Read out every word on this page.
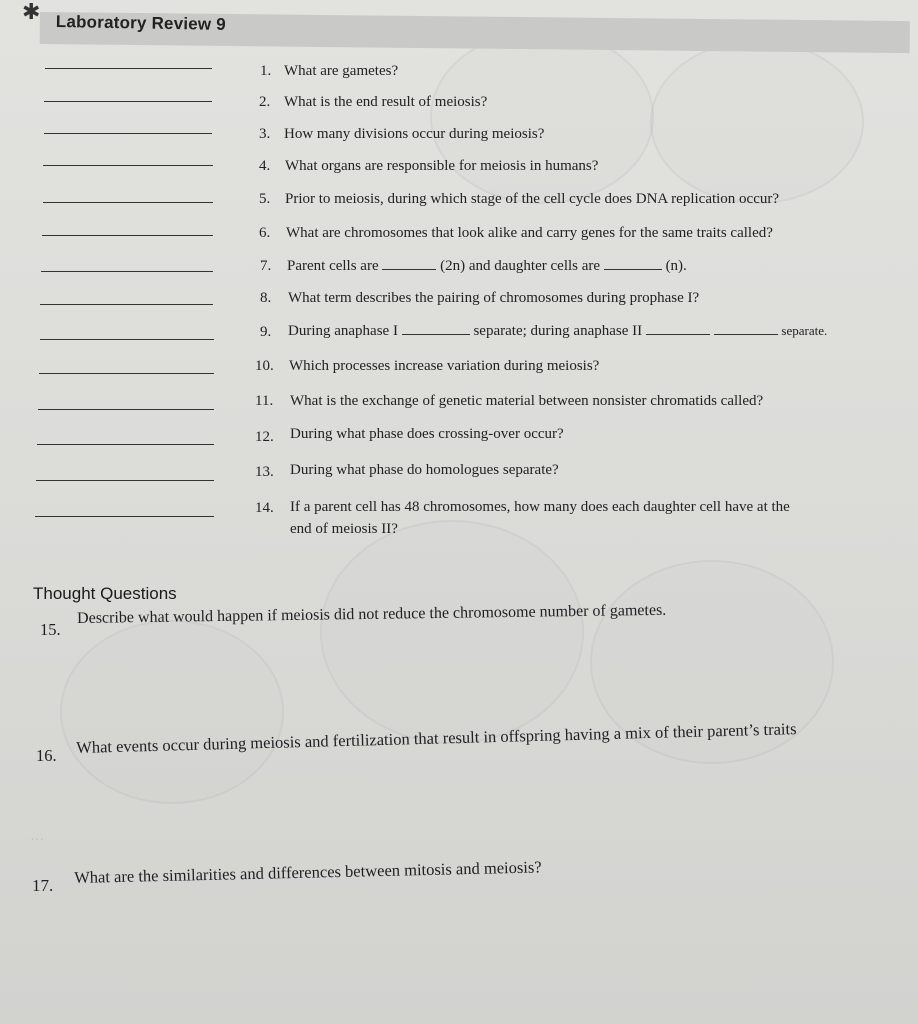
✱ Laboratory Review 9
1. What are gametes?
2. What is the end result of meiosis?
3. How many divisions occur during meiosis?
4. What organs are responsible for meiosis in humans?
5. Prior to meiosis, during which stage of the cell cycle does DNA replication occur?
6. What are chromosomes that look alike and carry genes for the same traits called?
7. Parent cells are	(2n) and daughter cells are	(n).
8. What term describes the pairing of chromosomes during prophase I?
9. During anaphase I	separate; during anaphase II	separate.
10. Which processes increase variation during meiosis?
11. What is the exchange of genetic material between nonsister chromatids called?
12. During what phase does crossing-over occur?
13. During what phase do homologues separate?
14. If a parent cell has 48 chromosomes, how many does each daughter cell have at the
end of meiosis II?
Thought Questions
15.
Describe what would happen if meiosis did not reduce the chromosome number of gametes.
16. What events occur during meiosis and fertilization that result in offspring having a mix of their parent’s traits
···
17. What are the similarities and differences between mitosis and meiosis?
